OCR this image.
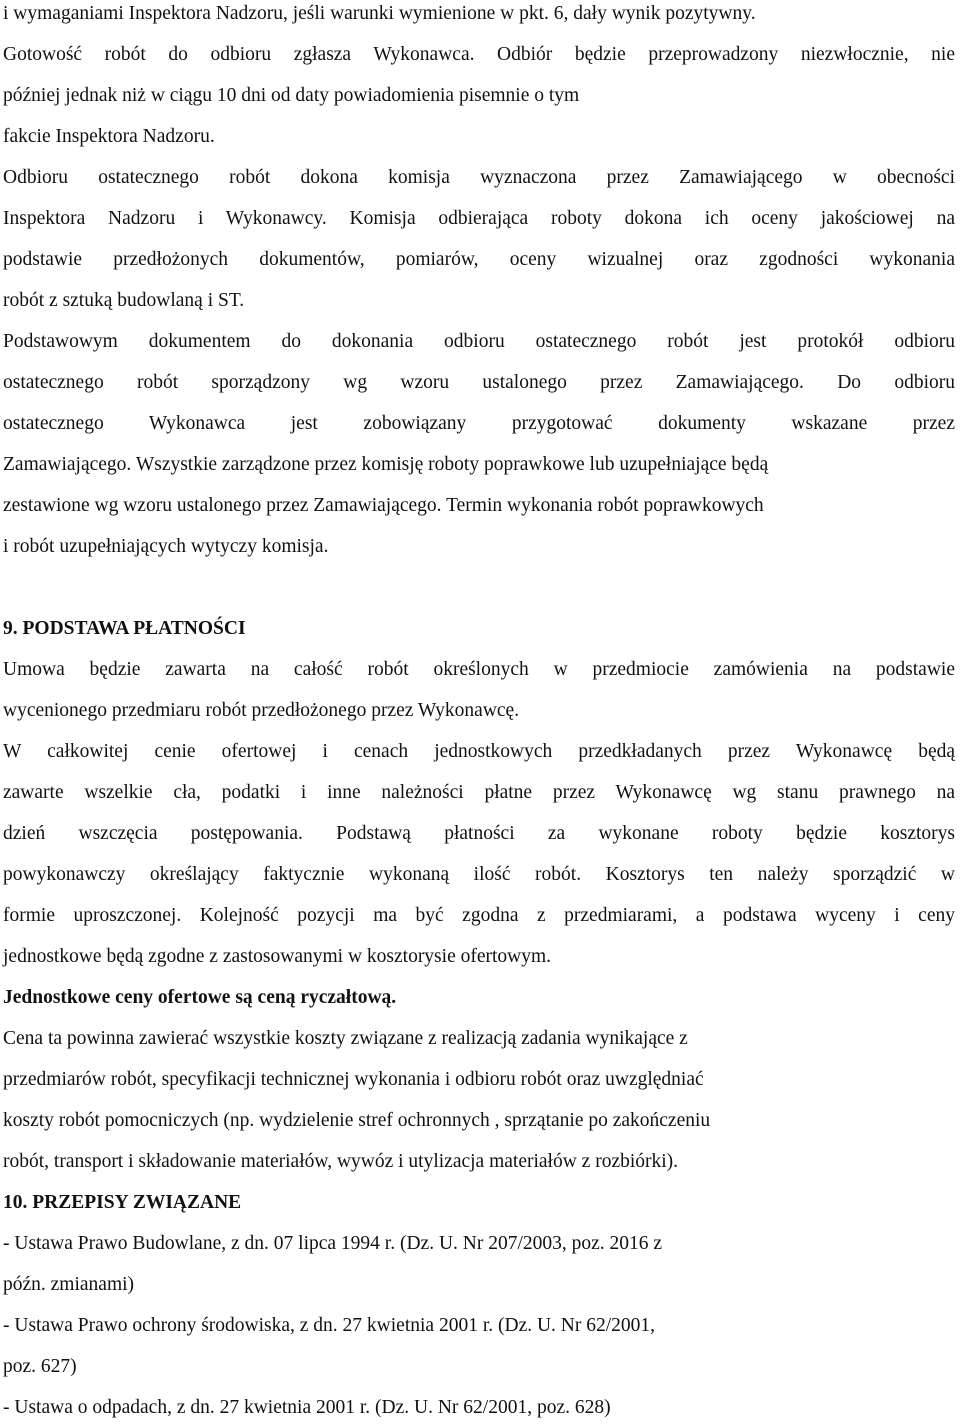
i wymaganiami Inspektora Nadzoru, jeśli warunki wymienione w pkt. 6, dały wynik pozytywny.
Gotowość robót do odbioru zgłasza Wykonawca. Odbiór będzie przeprowadzony niezwłocznie, nie
później jednak niż w ciągu 10 dni od daty powiadomienia pisemnie o tym
fakcie Inspektora Nadzoru.
Odbioru ostatecznego robót dokona komisja wyznaczona przez Zamawiającego w obecności
Inspektora Nadzoru i Wykonawcy. Komisja odbierająca roboty dokona ich oceny jakościowej na
podstawie przedłożonych dokumentów, pomiarów, oceny wizualnej oraz zgodności wykonania
robót z sztuką budowlaną i ST.
Podstawowym dokumentem do dokonania odbioru ostatecznego robót jest protokół odbioru
ostatecznego robót sporządzony wg wzoru ustalonego przez Zamawiającego. Do odbioru
ostatecznego Wykonawca jest zobowiązany przygotować dokumenty wskazane przez
Zamawiającego. Wszystkie zarządzone przez komisję roboty poprawkowe lub uzupełniające będą
zestawione wg wzoru ustalonego przez Zamawiającego. Termin wykonania robót poprawkowych
i robót uzupełniających wytyczy komisja.
9. PODSTAWA PŁATNOŚCI
Umowa będzie zawarta na całość robót określonych w przedmiocie zamówienia na podstawie
wycenionego przedmiaru robót przedłożonego przez Wykonawcę.
W całkowitej cenie ofertowej i cenach jednostkowych przedkładanych przez Wykonawcę będą
zawarte wszelkie cła, podatki i inne należności płatne przez Wykonawcę wg stanu prawnego na
dzień wszczęcia postępowania. Podstawą płatności za wykonane roboty będzie kosztorys
powykonawczy określający faktycznie wykonaną ilość robót. Kosztorys ten należy sporządzić w
formie uproszczonej. Kolejność pozycji ma być zgodna z przedmiarami, a podstawa wyceny i ceny
jednostkowe będą zgodne z zastosowanymi w kosztorysie ofertowym.
Jednostkowe ceny ofertowe są ceną ryczałtową.
Cena ta powinna zawierać wszystkie koszty związane z realizacją zadania wynikające z
przedmiarów robót, specyfikacji technicznej wykonania i odbioru robót oraz uwzględniać
koszty robót pomocniczych (np. wydzielenie stref ochronnych , sprzątanie po zakończeniu
robót, transport i składowanie materiałów, wywóz i utylizacja materiałów z rozbiórki).
10. PRZEPISY ZWIĄZANE
- Ustawa Prawo Budowlane, z dn. 07 lipca 1994 r. (Dz. U. Nr 207/2003, poz. 2016 z
późn. zmianami)
- Ustawa Prawo ochrony środowiska, z dn. 27 kwietnia 2001 r. (Dz. U. Nr 62/2001,
poz. 627)
- Ustawa o odpadach, z dn. 27 kwietnia 2001 r. (Dz. U. Nr 62/2001, poz. 628)
